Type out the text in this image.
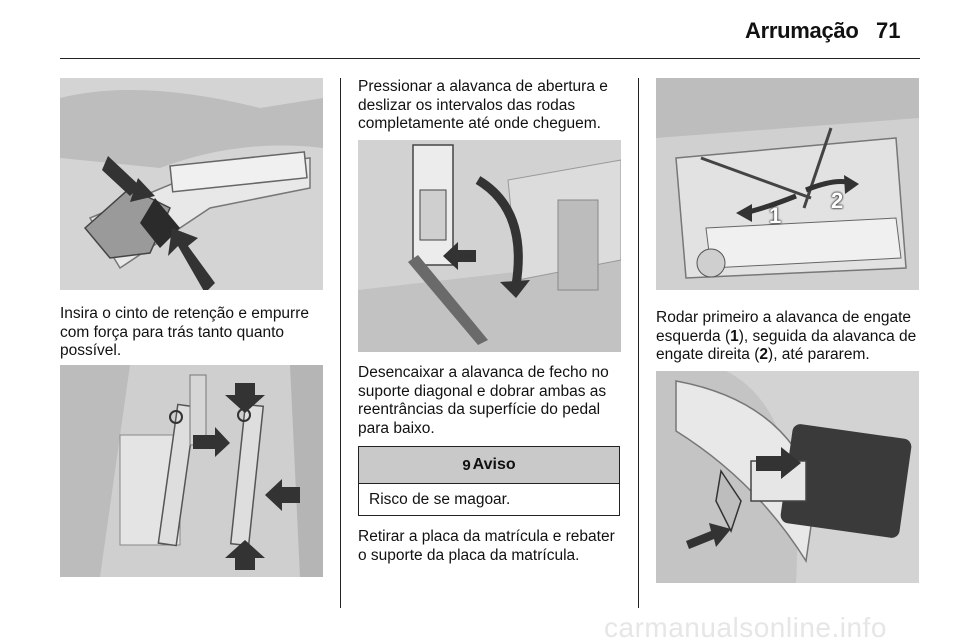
Arrumação 71
Insira o cinto de retenção e empurre
com força para trás tanto quanto
possível.
Pressionar a alavanca de abertura e
deslizar os intervalos das rodas
completamente até onde cheguem.
Desencaixar a alavanca de fecho no
suporte diagonal e dobrar ambas as
reentrâncias da superfície do pedal
para baixo.
9 Aviso
Risco de se magoar.
Retirar a placa da matrícula e rebater
o suporte da placa da matrícula.
1
2
Rodar primeiro a alavanca de engate
esquerda (1), seguida da alavanca de
engate direita (2), até pararem.
carmanualsonline.info
